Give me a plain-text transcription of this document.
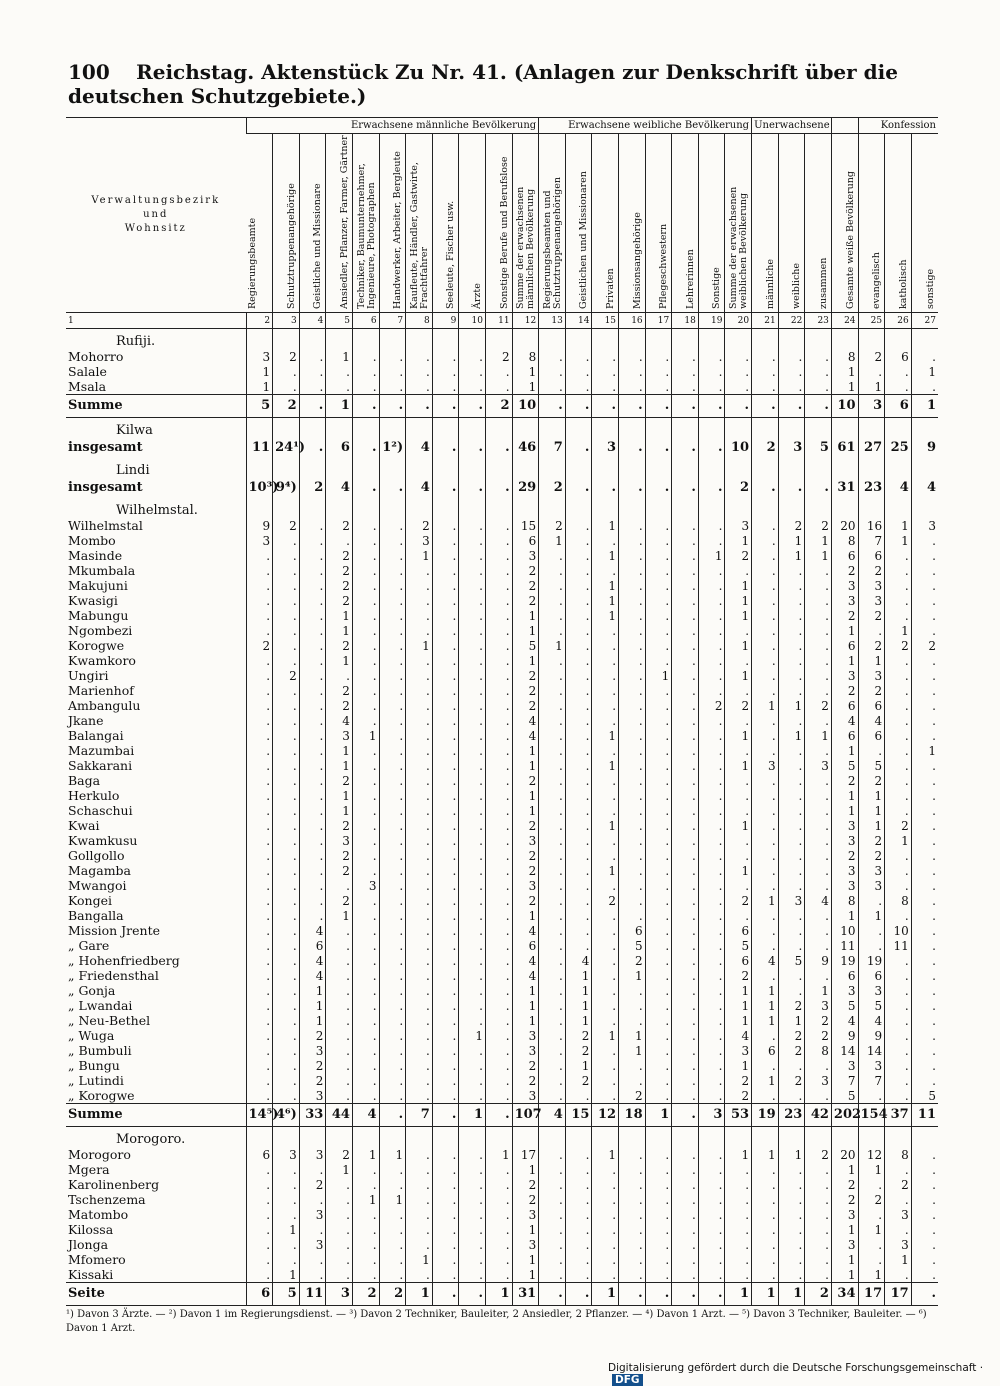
100 Reichstag. Aktenstück Zu Nr. 41. (Anlagen zur Denkschrift über die deutschen Schutzgebiete.)
Verwaltungsbezirk
und
Wohnsitz	Erwachsene männliche Bevölkerung											Erwachsene weibliche Bevölkerung								Unerwachsene				Konfession		
	Regierungsbeamte	Schutztruppenangehörige	Geistliche und Missionare	Ansiedler, Pflanzer, Farmer, Gärtner	Techniker, Baumunternehmer, Ingenieure, Photographen	Handwerker, Arbeiter, Bergleute	Kaufleute, Händler, Gastwirte, Frachtfahrer	Seeleute, Fischer usw.	Ärzte	Sonstige Berufe und Berufslose	Summe der erwachsenen männlichen Bevölkerung	Regierungsbeamten und Schutztruppenangehörigen	Geistlichen und Missionaren	Privaten	Missionsangehörige	Pflegeschwestern	Lehrerinnen	Sonstige	Summe der erwachsenen weiblichen Bevölkerung	männliche	weibliche	zusammen	Gesamte weiße Bevölkerung	evangelisch	katholisch	sonstige
1	2	3	4	5	6	7	8	9	10	11	12	13	14	15	16	17	18	19	20	21	22	23	24	25	26	27
Rufiji.																										
Mohorro	3	2	.	1	.	.	.	.	.	2	8	.	.	.	.	.	.	.	.	.	.	.	8	2	6	.
Salale	1	.	.	.	.	.	.	.	.	.	1	.	.	.	.	.	.	.	.	.	.	.	1	.	.	1
Msala	1	.	.	.	.	.	.	.	.	.	1	.	.	.	.	.	.	.	.	.	.	.	1	1	.	.
Summe	5	2	.	1	.	.	.	.	.	2	10	.	.	.	.	.	.	.	.	.	.	.	10	3	6	1
Kilwa																										
insgesamt	11	24¹)	.	6	.	1²)	4	.	.	.	46	7	.	3	.	.	.	.	10	2	3	5	61	27	25	9
Lindi																										
insgesamt	10³)	9⁴)	2	4	.	.	4	.	.	.	29	2	.	.	.	.	.	.	2	.	.	.	31	23	4	4
Wilhelmstal.																										
Wilhelmstal	9	2	.	2	.	.	2	.	.	.	15	2	.	1	.	.	.	.	3	.	2	2	20	16	1	3
Mombo	3	.	.	.	.	.	3	.	.	.	6	1	.	.	.	.	.	.	1	.	1	1	8	7	1	.
Masinde	.	.	.	2	.	.	1	.	.	.	3	.	.	1	.	.	.	1	2	.	1	1	6	6	.	.
Mkumbala	.	.	.	2	.	.	.	.	.	.	2	.	.	.	.	.	.	.	.	.	.	.	2	2	.	.
Makujuni	.	.	.	2	.	.	.	.	.	.	2	.	.	1	.	.	.	.	1	.	.	.	3	3	.	.
Kwasigi	.	.	.	2	.	.	.	.	.	.	2	.	.	1	.	.	.	.	1	.	.	.	3	3	.	.
Mabungu	.	.	.	1	.	.	.	.	.	.	1	.	.	1	.	.	.	.	1	.	.	.	2	2	.	.
Ngombezi	.	.	.	1	.	.	.	.	.	.	1	.	.	.	.	.	.	.	.	.	.	.	1	.	1	.
Korogwe	2	.	.	2	.	.	1	.	.	.	5	1	.	.	.	.	.	.	1	.	.	.	6	2	2	2
Kwamkoro	.	.	.	1	.	.	.	.	.	.	1	.	.	.	.	.	.	.	.	.	.	.	1	1	.	.
Ungiri	.	2	.	.	.	.	.	.	.	.	2	.	.	.	.	1	.	.	1	.	.	.	3	3	.	.
Marienhof	.	.	.	2	.	.	.	.	.	.	2	.	.	.	.	.	.	.	.	.	.	.	2	2	.	.
Ambangulu	.	.	.	2	.	.	.	.	.	.	2	.	.	.	.	.	.	2	2	1	1	2	6	6	.	.
Jkane	.	.	.	4	.	.	.	.	.	.	4	.	.	.	.	.	.	.	.	.	.	.	4	4	.	.
Balangai	.	.	.	3	1	.	.	.	.	.	4	.	.	1	.	.	.	.	1	.	1	1	6	6	.	.
Mazumbai	.	.	.	1	.	.	.	.	.	.	1	.	.	.	.	.	.	.	.	.	.	.	1	.	.	1
Sakkarani	.	.	.	1	.	.	.	.	.	.	1	.	.	1	.	.	.	.	1	3	.	3	5	5	.	.
Baga	.	.	.	2	.	.	.	.	.	.	2	.	.	.	.	.	.	.	.	.	.	.	2	2	.	.
Herkulo	.	.	.	1	.	.	.	.	.	.	1	.	.	.	.	.	.	.	.	.	.	.	1	1	.	.
Schaschui	.	.	.	1	.	.	.	.	.	.	1	.	.	.	.	.	.	.	.	.	.	.	1	1	.	.
Kwai	.	.	.	2	.	.	.	.	.	.	2	.	.	1	.	.	.	.	1	.	.	.	3	1	2	.
Kwamkusu	.	.	.	3	.	.	.	.	.	.	3	.	.	.	.	.	.	.	.	.	.	.	3	2	1	.
Gollgollo	.	.	.	2	.	.	.	.	.	.	2	.	.	.	.	.	.	.	.	.	.	.	2	2	.	.
Magamba	.	.	.	2	.	.	.	.	.	.	2	.	.	1	.	.	.	.	1	.	.	.	3	3	.	.
Mwangoi	.	.	.	.	3	.	.	.	.	.	3	.	.	.	.	.	.	.	.	.	.	.	3	3	.	.
Kongei	.	.	.	2	.	.	.	.	.	.	2	.	.	2	.	.	.	.	2	1	3	4	8	.	8	.
Bangalla	.	.	.	1	.	.	.	.	.	.	1	.	.	.	.	.	.	.	.	.	.	.	1	1	.	.
Mission Jrente	.	.	4	.	.	.	.	.	.	.	4	.	.	.	6	.	.	.	6	.	.	.	10	.	10	.
„ Gare	.	.	6	.	.	.	.	.	.	.	6	.	.	.	5	.	.	.	5	.	.	.	11	.	11	.
„ Hohenfriedberg	.	.	4	.	.	.	.	.	.	.	4	.	4	.	2	.	.	.	6	4	5	9	19	19	.	.
„ Friedensthal	.	.	4	.	.	.	.	.	.	.	4	.	1	.	1	.	.	.	2	.	.	.	6	6	.	.
„ Gonja	.	.	1	.	.	.	.	.	.	.	1	.	1	.	.	.	.	.	1	1	.	1	3	3	.	.
„ Lwandai	.	.	1	.	.	.	.	.	.	.	1	.	1	.	.	.	.	.	1	1	2	3	5	5	.	.
„ Neu-Bethel	.	.	1	.	.	.	.	.	.	.	1	.	1	.	.	.	.	.	1	1	1	2	4	4	.	.
„ Wuga	.	.	2	.	.	.	.	.	1	.	3	.	2	1	1	.	.	.	4	.	2	2	9	9	.	.
„ Bumbuli	.	.	3	.	.	.	.	.	.	.	3	.	2	.	1	.	.	.	3	6	2	8	14	14	.	.
„ Bungu	.	.	2	.	.	.	.	.	.	.	2	.	1	.	.	.	.	.	1	.	.	.	3	3	.	.
„ Lutindi	.	.	2	.	.	.	.	.	.	.	2	.	2	.	.	.	.	.	2	1	2	3	7	7	.	.
„ Korogwe	.	.	3	.	.	.	.	.	.	.	3	.	.	.	2	.	.	.	2	.	.	.	5	.	.	5
Summe	14⁵)	4⁶)	33	44	4	.	7	.	1	.	107	4	15	12	18	1	.	3	53	19	23	42	202	154	37	11
Morogoro.																										
Morogoro	6	3	3	2	1	1	.	.	.	1	17	.	.	1	.	.	.	.	1	1	1	2	20	12	8	.
Mgera	.	.	.	1	.	.	.	.	.	.	1	.	.	.	.	.	.	.	.	.	.	.	1	1	.	.
Karolinenberg	.	.	2	.	.	.	.	.	.	.	2	.	.	.	.	.	.	.	.	.	.	.	2	.	2	.
Tschenzema	.	.	.	.	1	1	.	.	.	.	2	.	.	.	.	.	.	.	.	.	.	.	2	2	.	.
Matombo	.	.	3	.	.	.	.	.	.	.	3	.	.	.	.	.	.	.	.	.	.	.	3	.	3	.
Kilossa	.	1	.	.	.	.	.	.	.	.	1	.	.	.	.	.	.	.	.	.	.	.	1	1	.	.
Jlonga	.	.	3	.	.	.	.	.	.	.	3	.	.	.	.	.	.	.	.	.	.	.	3	.	3	.
Mfomero	.	.	.	.	.	.	1	.	.	.	1	.	.	.	.	.	.	.	.	.	.	.	1	.	1	.
Kissaki	.	1	.	.	.	.	.	.	.	.	1	.	.	.	.	.	.	.	.	.	.	.	1	1	.	.
Seite	6	5	11	3	2	2	1	.	.	1	31	.	.	1	.	.	.	.	1	1	1	2	34	17	17	.
¹) Davon 3 Ärzte. — ²) Davon 1 im Regierungsdienst. — ³) Davon 2 Techniker, Bauleiter, 2 Ansiedler, 2 Pflanzer. — ⁴) Davon 1 Arzt. — ⁵) Davon 3 Techniker, Bauleiter. — ⁶) Davon 1 Arzt.
Digitalisierung gefördert durch die Deutsche Forschungsgemeinschaft ·DFG
